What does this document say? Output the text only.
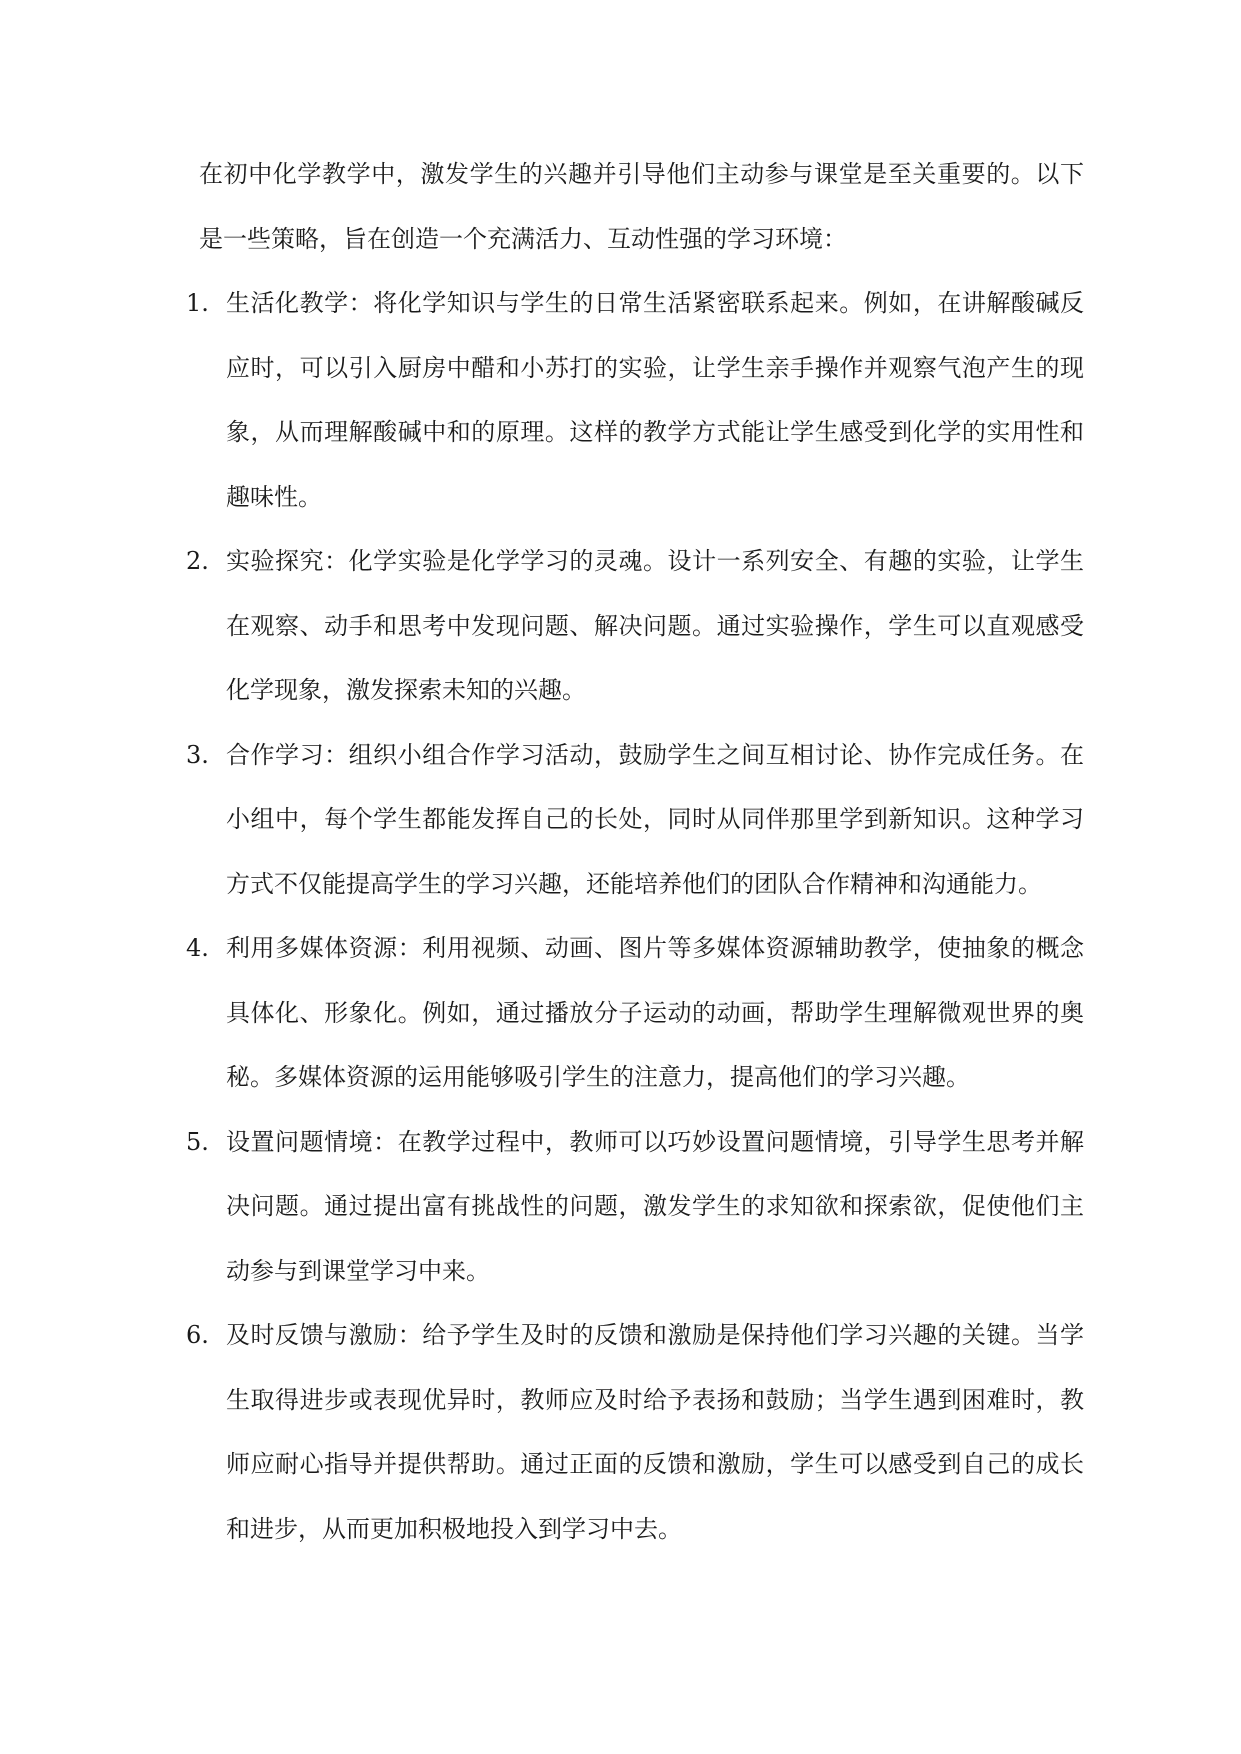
在初中化学教学中，激发学生的兴趣并引导他们主动参与课堂是至关重要的。以下是一些策略，旨在创造一个充满活力、互动性强的学习环境：

1. 生活化教学：将化学知识与学生的日常生活紧密联系起来。例如，在讲解酸碱反应时，可以引入厨房中醋和小苏打的实验，让学生亲手操作并观察气泡产生的现象，从而理解酸碱中和的原理。这样的教学方式能让学生感受到化学的实用性和趣味性。
2. 实验探究：化学实验是化学学习的灵魂。设计一系列安全、有趣的实验，让学生在观察、动手和思考中发现问题、解决问题。通过实验操作，学生可以直观感受化学现象，激发探索未知的兴趣。
3. 合作学习：组织小组合作学习活动，鼓励学生之间互相讨论、协作完成任务。在小组中，每个学生都能发挥自己的长处，同时从同伴那里学到新知识。这种学习方式不仅能提高学生的学习兴趣，还能培养他们的团队合作精神和沟通能力。
4. 利用多媒体资源：利用视频、动画、图片等多媒体资源辅助教学，使抽象的概念具体化、形象化。例如，通过播放分子运动的动画，帮助学生理解微观世界的奥秘。多媒体资源的运用能够吸引学生的注意力，提高他们的学习兴趣。
5. 设置问题情境：在教学过程中，教师可以巧妙设置问题情境，引导学生思考并解决问题。通过提出富有挑战性的问题，激发学生的求知欲和探索欲，促使他们主动参与到课堂学习中来。
6. 及时反馈与激励：给予学生及时的反馈和激励是保持他们学习兴趣的关键。当学生取得进步或表现优异时，教师应及时给予表扬和鼓励；当学生遇到困难时，教师应耐心指导并提供帮助。通过正面的反馈和激励，学生可以感受到自己的成长和进步，从而更加积极地投入到学习中去。
